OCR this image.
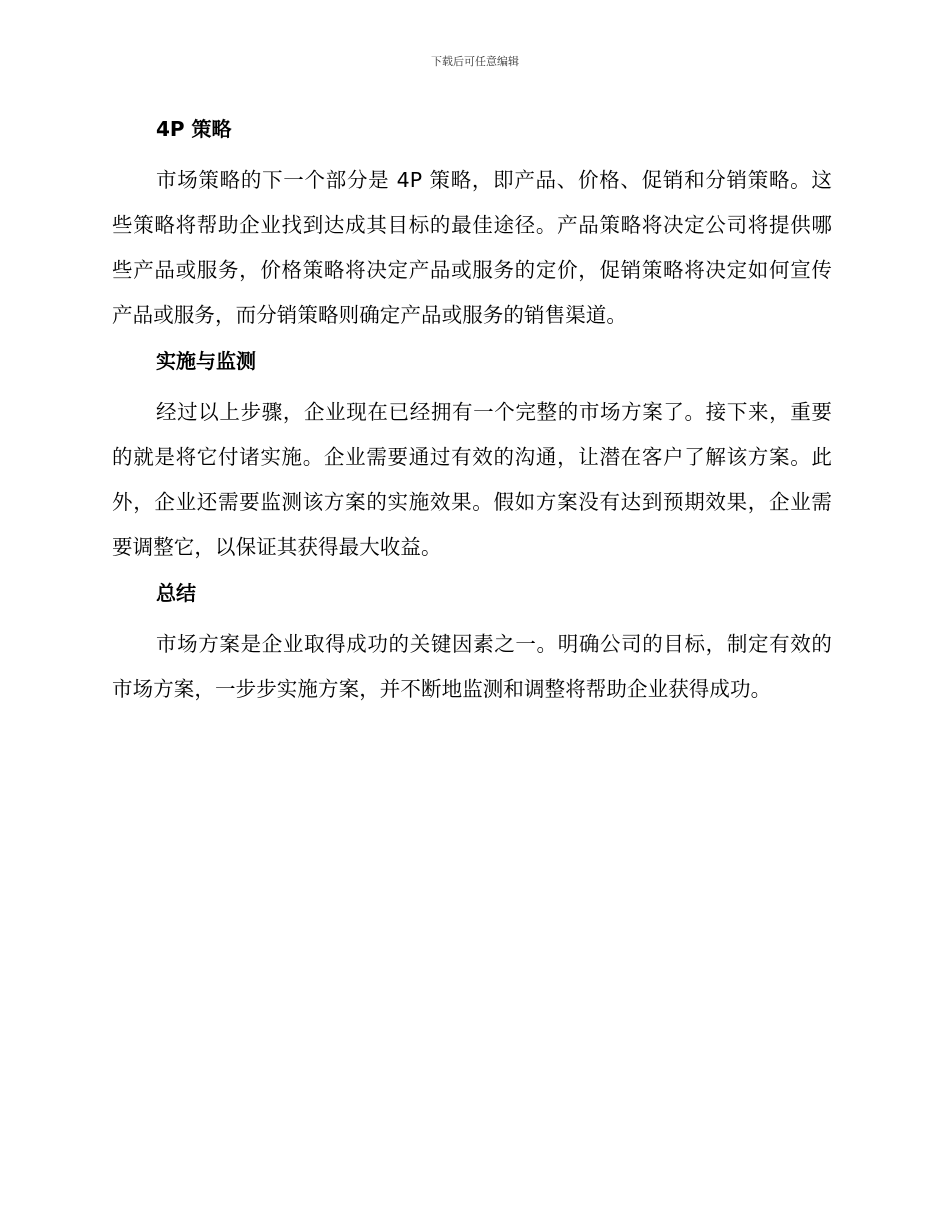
下载后可任意编辑
4P 策略

市场策略的下一个部分是 4P 策略，即产品、价格、促销和分销策略。这些策略将帮助企业找到达成其目标的最佳途径。产品策略将决定公司将提供哪些产品或服务，价格策略将决定产品或服务的定价，促销策略将决定如何宣传产品或服务，而分销策略则确定产品或服务的销售渠道。

实施与监测

经过以上步骤，企业现在已经拥有一个完整的市场方案了。接下来，重要的就是将它付诸实施。企业需要通过有效的沟通，让潜在客户了解该方案。此外，企业还需要监测该方案的实施效果。假如方案没有达到预期效果，企业需要调整它，以保证其获得最大收益。

总结

市场方案是企业取得成功的关键因素之一。明确公司的目标，制定有效的市场方案，一步步实施方案，并不断地监测和调整将帮助企业获得成功。
